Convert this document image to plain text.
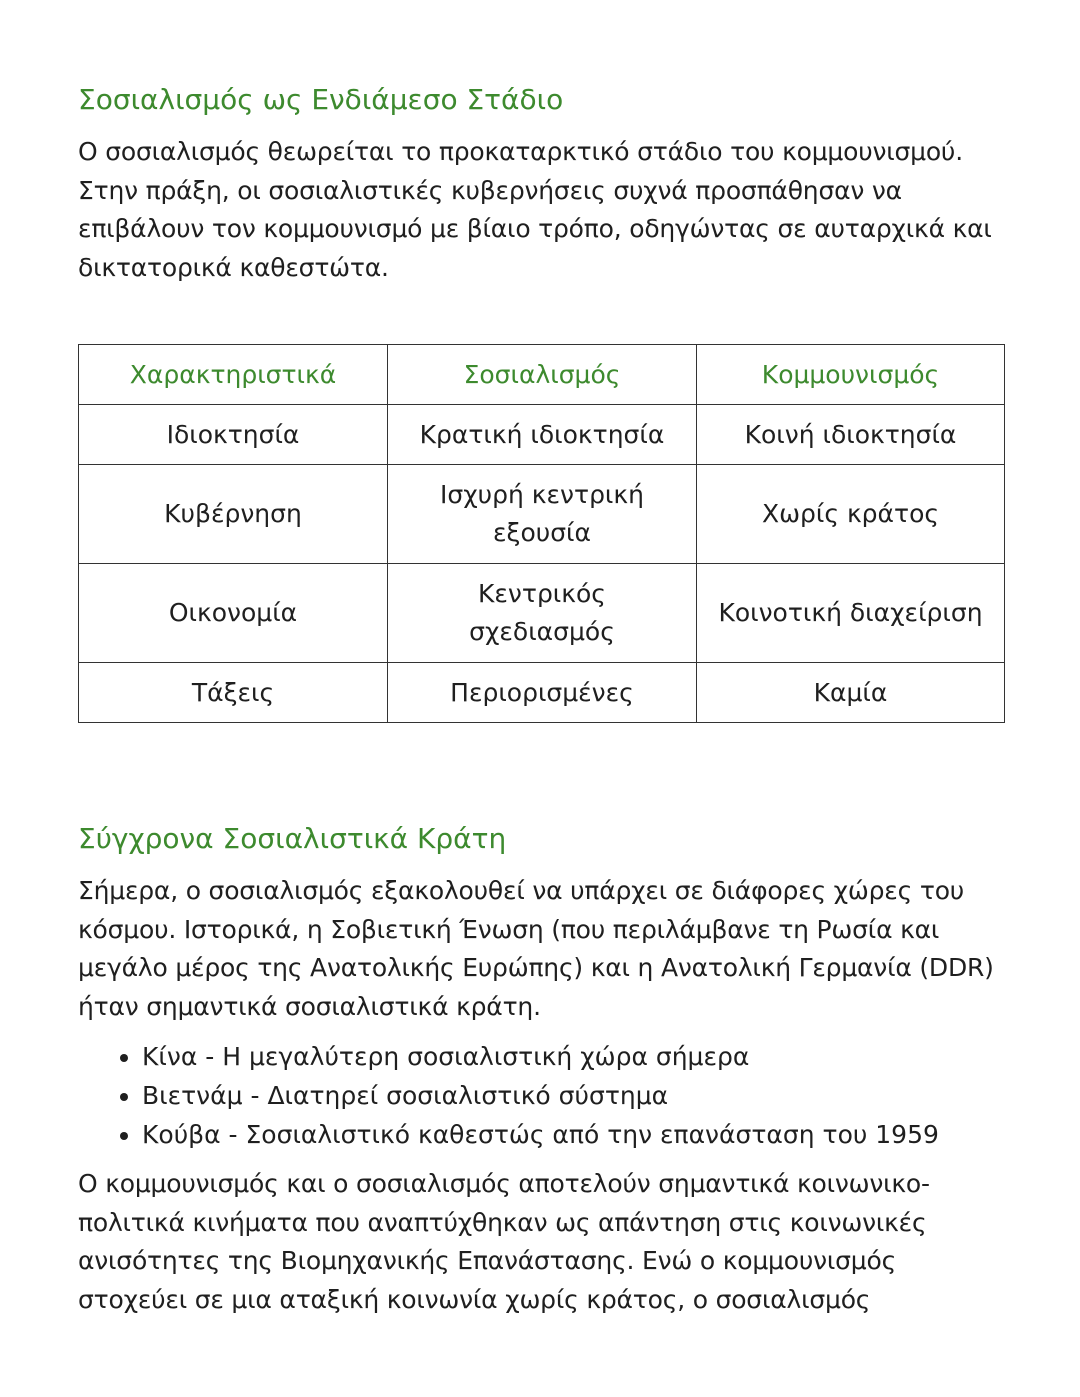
Σοσιαλισμός ως Ενδιάμεσο Στάδιο

Ο σοσιαλισμός θεωρείται το προκαταρκτικό στάδιο του κομμουνισμού. Στην πράξη, οι σοσιαλιστικές κυβερνήσεις συχνά προσπάθησαν να επιβάλουν τον κομμουνισμό με βίαιο τρόπο, οδηγώντας σε αυταρχικά και δικτατορικά καθεστώτα.

Χαρακτηριστικά	Σοσιαλισμός	Κομμουνισμός
Ιδιοκτησία	Κρατική ιδιοκτησία	Κοινή ιδιοκτησία
Κυβέρνηση	Ισχυρή κεντρική εξουσία	Χωρίς κράτος
Οικονομία	Κεντρικός σχεδιασμός	Κοινοτική διαχείριση
Τάξεις	Περιορισμένες	Καμία
Σύγχρονα Σοσιαλιστικά Κράτη

Σήμερα, ο σοσιαλισμός εξακολουθεί να υπάρχει σε διάφορες χώρες του κόσμου. Ιστορικά, η Σοβιετική Ένωση (που περιλάμβανε τη Ρωσία και μεγάλο μέρος της Ανατολικής Ευρώπης) και η Ανατολική Γερμανία (DDR) ήταν σημαντικά σοσιαλιστικά κράτη.

• Κίνα - Η μεγαλύτερη σοσιαλιστική χώρα σήμερα
• Βιετνάμ - Διατηρεί σοσιαλιστικό σύστημα
• Κούβα - Σοσιαλιστικό καθεστώς από την επανάσταση του 1959

Ο κομμουνισμός και ο σοσιαλισμός αποτελούν σημαντικά κοινωνικο-πολιτικά κινήματα που αναπτύχθηκαν ως απάντηση στις κοινωνικές ανισότητες της Βιομηχανικής Επανάστασης. Ενώ ο κομμουνισμός στοχεύει σε μια αταξική κοινωνία χωρίς κράτος, ο σοσιαλισμός
